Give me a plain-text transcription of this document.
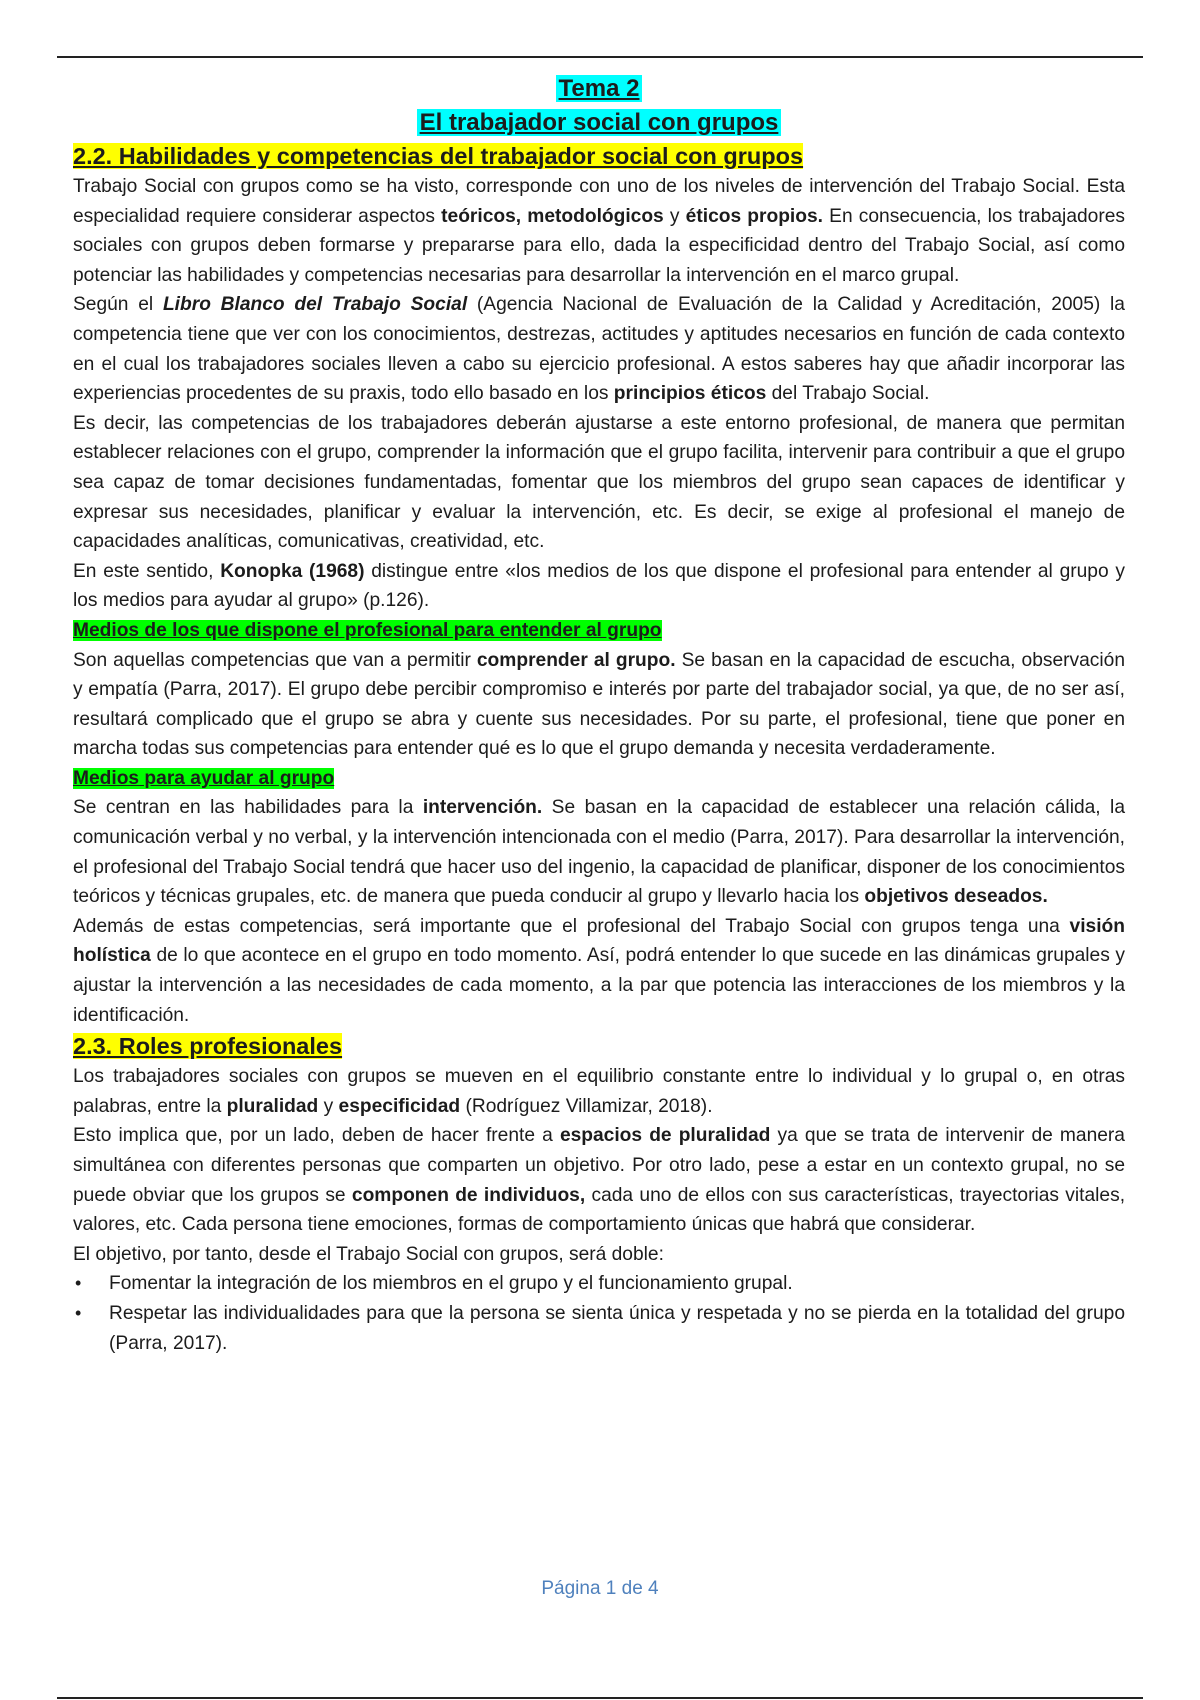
Tema 2
El trabajador social con grupos
2.2. Habilidades y competencias del trabajador social con grupos

Trabajo Social con grupos como se ha visto, corresponde con uno de los niveles de intervención del Trabajo Social. Esta especialidad requiere considerar aspectos teóricos, metodológicos y éticos propios. En consecuencia, los trabajadores sociales con grupos deben formarse y prepararse para ello, dada la especificidad dentro del Trabajo Social, así como potenciar las habilidades y competencias necesarias para desarrollar la intervención en el marco grupal.

Según el Libro Blanco del Trabajo Social (Agencia Nacional de Evaluación de la Calidad y Acreditación, 2005) la competencia tiene que ver con los conocimientos, destrezas, actitudes y aptitudes necesarios en función de cada contexto en el cual los trabajadores sociales lleven a cabo su ejercicio profesional. A estos saberes hay que añadir incorporar las experiencias procedentes de su praxis, todo ello basado en los principios éticos del Trabajo Social.

Es decir, las competencias de los trabajadores deberán ajustarse a este entorno profesional, de manera que permitan establecer relaciones con el grupo, comprender la información que el grupo facilita, intervenir para contribuir a que el grupo sea capaz de tomar decisiones fundamentadas, fomentar que los miembros del grupo sean capaces de identificar y expresar sus necesidades, planificar y evaluar la intervención, etc. Es decir, se exige al profesional el manejo de capacidades analíticas, comunicativas, creatividad, etc.

En este sentido, Konopka (1968) distingue entre «los medios de los que dispone el profesional para entender al grupo y los medios para ayudar al grupo» (p.126).

Medios de los que dispone el profesional para entender al grupo

Son aquellas competencias que van a permitir comprender al grupo. Se basan en la capacidad de escucha, observación y empatía (Parra, 2017). El grupo debe percibir compromiso e interés por parte del trabajador social, ya que, de no ser así, resultará complicado que el grupo se abra y cuente sus necesidades. Por su parte, el profesional, tiene que poner en marcha todas sus competencias para entender qué es lo que el grupo demanda y necesita verdaderamente.

Medios para ayudar al grupo

Se centran en las habilidades para la intervención. Se basan en la capacidad de establecer una relación cálida, la comunicación verbal y no verbal, y la intervención intencionada con el medio (Parra, 2017). Para desarrollar la intervención, el profesional del Trabajo Social tendrá que hacer uso del ingenio, la capacidad de planificar, disponer de los conocimientos teóricos y técnicas grupales, etc. de manera que pueda conducir al grupo y llevarlo hacia los objetivos deseados.

Además de estas competencias, será importante que el profesional del Trabajo Social con grupos tenga una visión holística de lo que acontece en el grupo en todo momento. Así, podrá entender lo que sucede en las dinámicas grupales y ajustar la intervención a las necesidades de cada momento, a la par que potencia las interacciones de los miembros y la identificación.

2.3. Roles profesionales

Los trabajadores sociales con grupos se mueven en el equilibrio constante entre lo individual y lo grupal o, en otras palabras, entre la pluralidad y especificidad (Rodríguez Villamizar, 2018).

Esto implica que, por un lado, deben de hacer frente a espacios de pluralidad ya que se trata de intervenir de manera simultánea con diferentes personas que comparten un objetivo. Por otro lado, pese a estar en un contexto grupal, no se puede obviar que los grupos se componen de individuos, cada uno de ellos con sus características, trayectorias vitales, valores, etc. Cada persona tiene emociones, formas de comportamiento únicas que habrá que considerar.

El objetivo, por tanto, desde el Trabajo Social con grupos, será doble:

• Fomentar la integración de los miembros en el grupo y el funcionamiento grupal.
• Respetar las individualidades para que la persona se sienta única y respetada y no se pierda en la totalidad del grupo (Parra, 2017).
Página 1 de 4
